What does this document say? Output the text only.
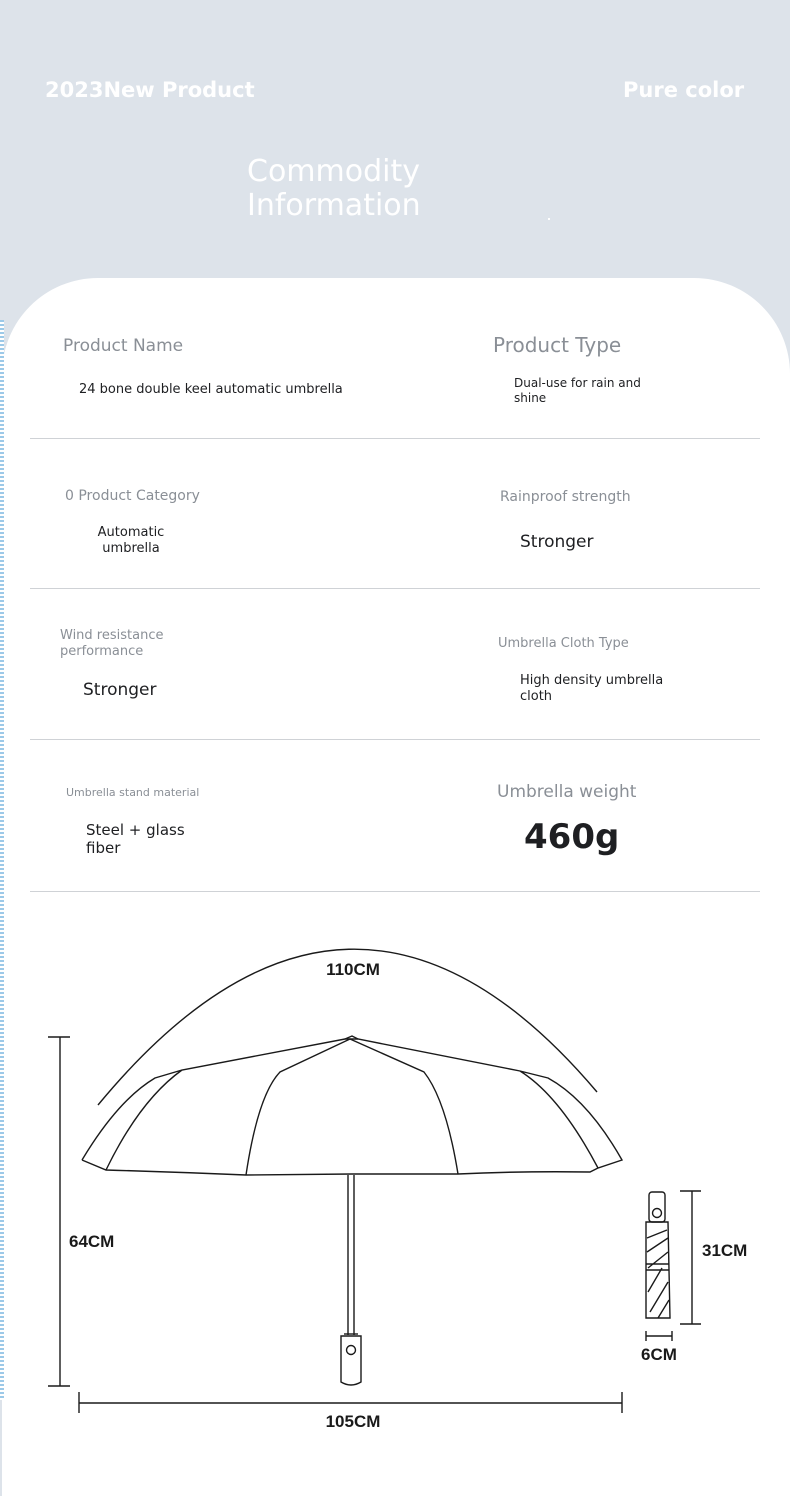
2023New Product	Pure color
Commodity Information
Product Name
24 bone double keel automatic umbrella
Product Type
Dual-use for rain and shine
0 Product Category
Automatic umbrella
Rainproof strength
Stronger
Wind resistance performance
Stronger
Umbrella Cloth Type
High density umbrella cloth
Umbrella stand material
Steel + glass fiber
Umbrella weight
460g
110CM
64CM
105CM
31CM
6CM
